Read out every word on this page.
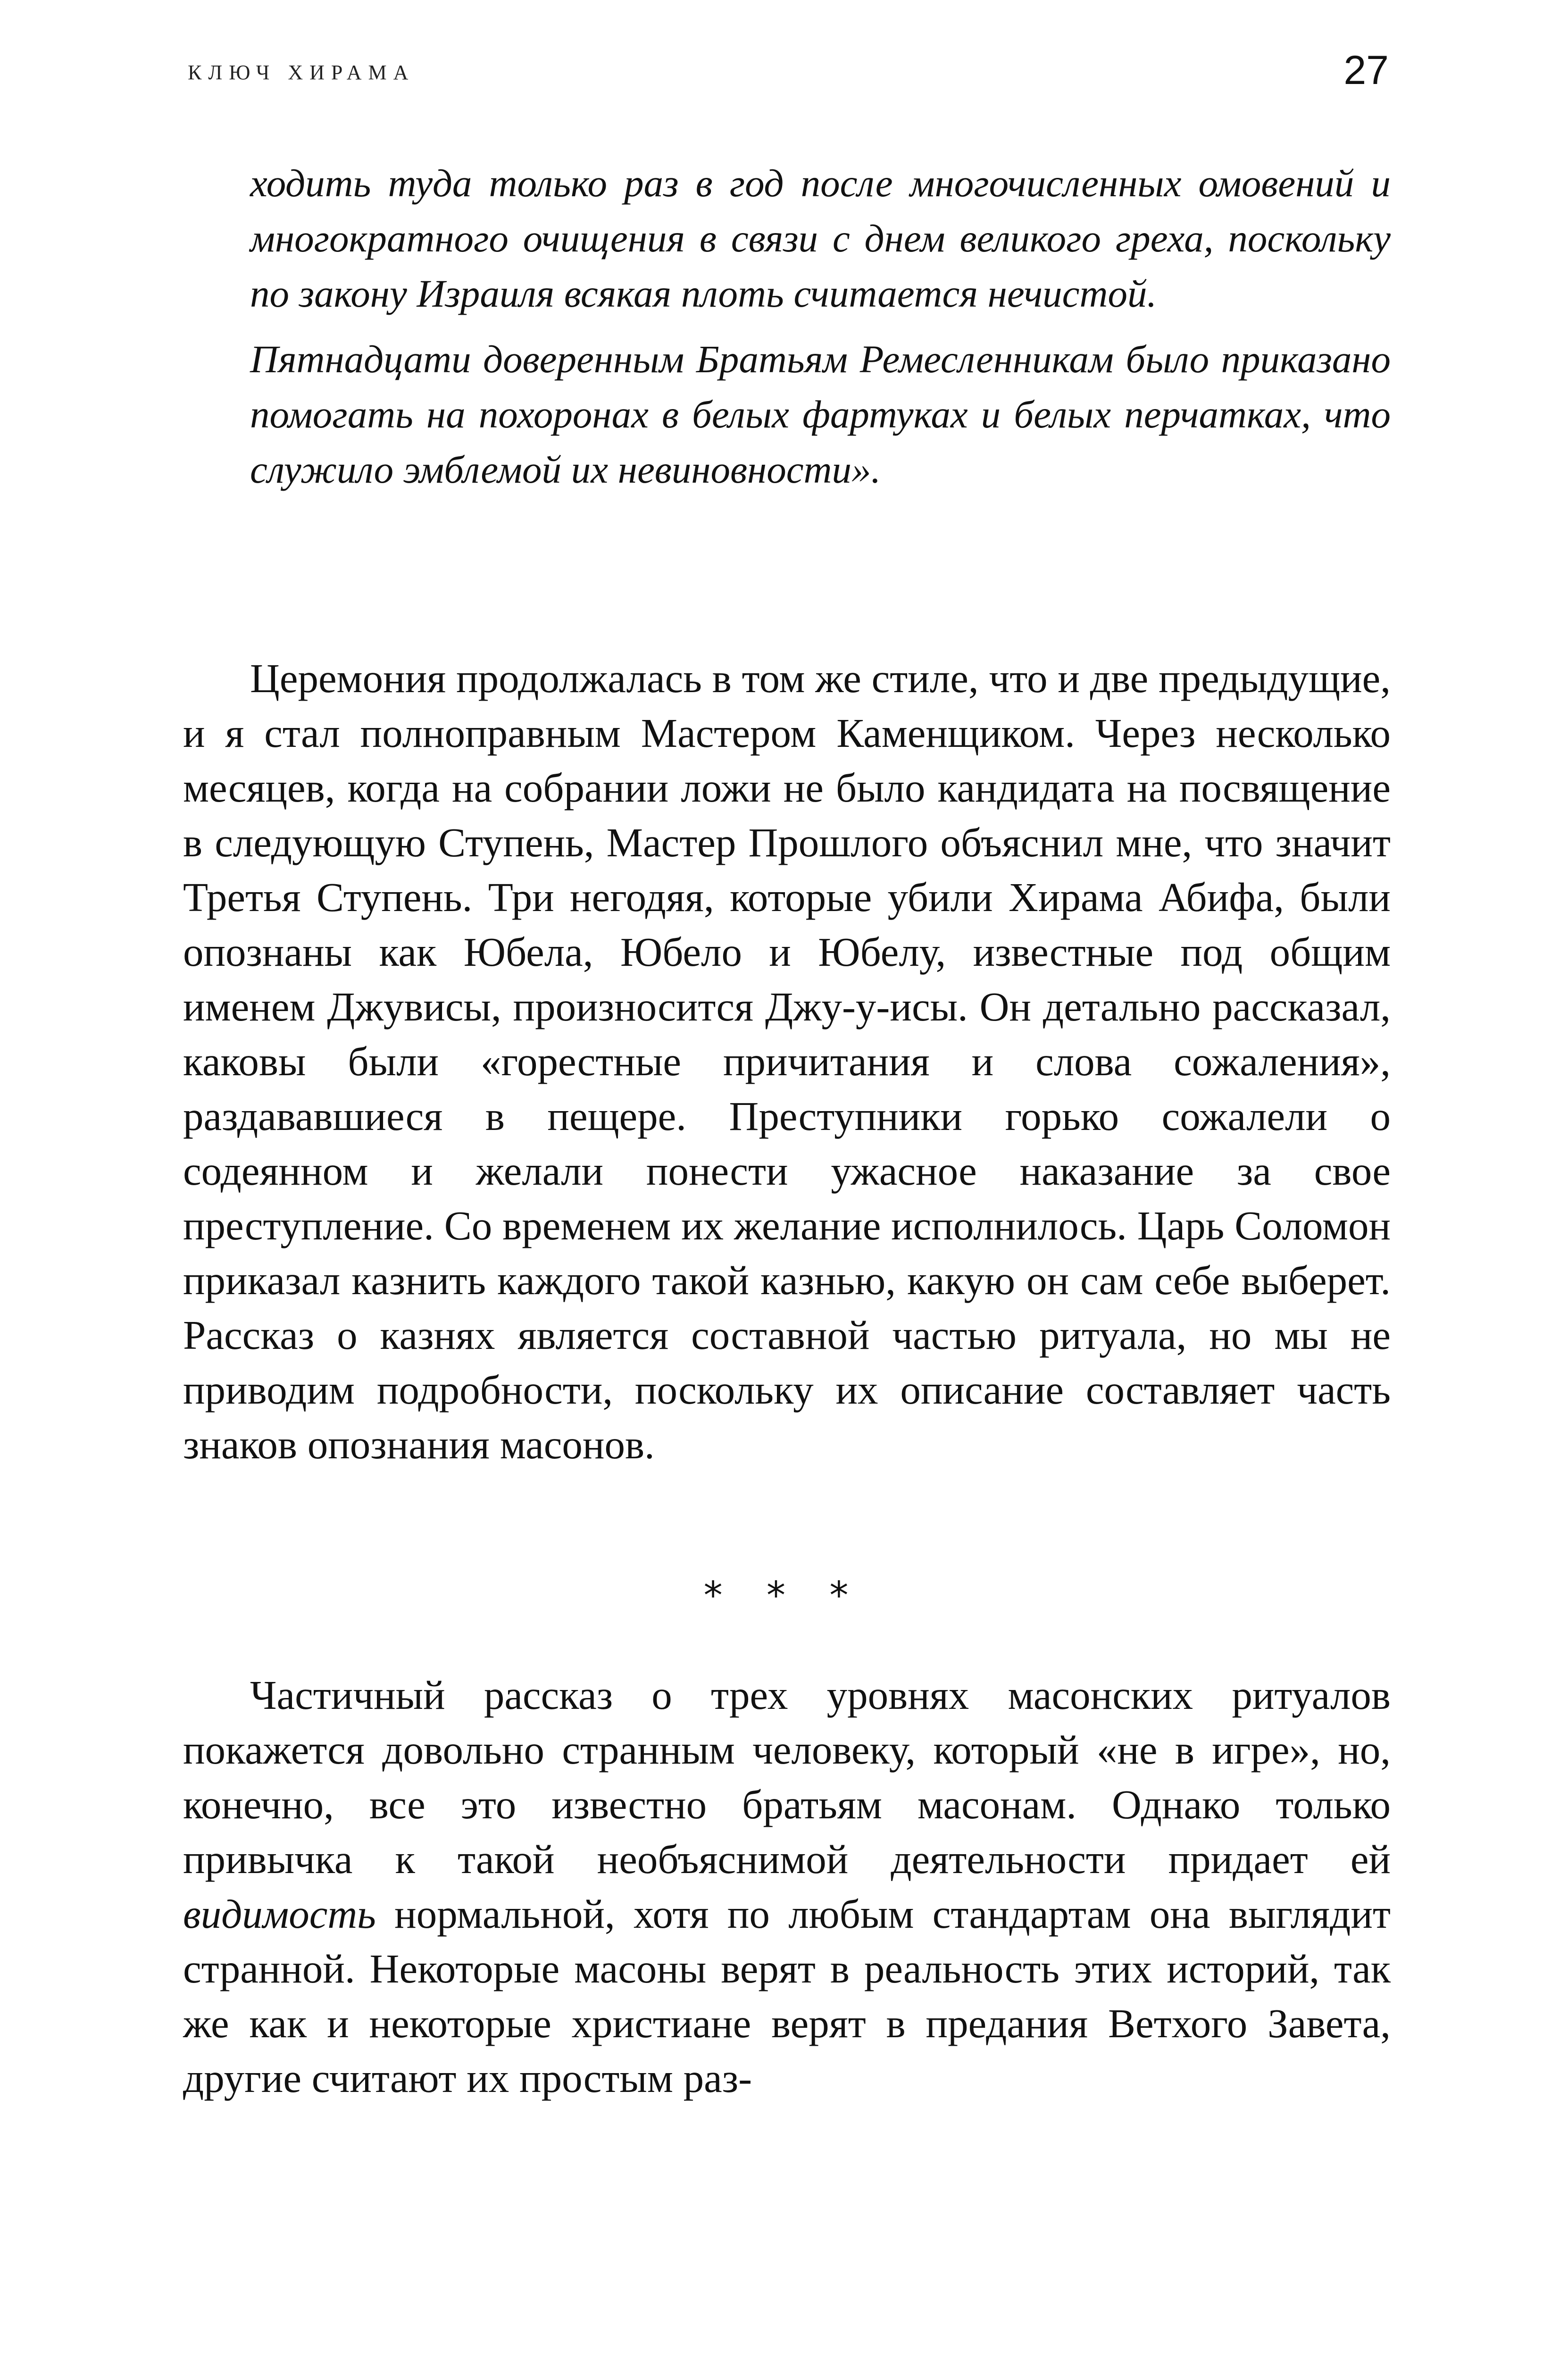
КЛЮЧ ХИРАМА	27

ходить туда только раз в год после многочисленных омовений и многократного очищения в связи с днем великого греха, поскольку по закону Израиля всякая плоть считается нечистой.

Пятнадцати доверенным Братьям Ремесленникам было приказано помогать на похоронах в белых фартуках и белых перчатках, что служило эмблемой их невиновности».

Церемония продолжалась в том же стиле, что и две предыдущие, и я стал полноправным Мастером Каменщиком. Через несколько месяцев, когда на собрании ложи не было кандидата на посвящение в следующую Ступень, Мастер Прошлого объяснил мне, что значит Третья Ступень. Три негодяя, которые убили Хирама Абифа, были опознаны как Юбела, Юбело и Юбелу, известные под общим именем Джувисы, произносится Джу-у-исы. Он детально рассказал, каковы были «горестные причитания и слова сожаления», раздававшиеся в пещере. Преступники горько сожалели о содеянном и желали понести ужасное наказание за свое преступление. Со временем их желание исполнилось. Царь Соломон приказал казнить каждого такой казнью, какую он сам себе выберет. Рассказ о казнях является составной частью ритуала, но мы не приводим подробности, поскольку их описание составляет часть знаков опознания масонов.

* * *

Частичный рассказ о трех уровнях масонских ритуалов покажется довольно странным человеку, который «не в игре», но, конечно, все это известно братьям масонам. Однако только привычка к такой необъяснимой деятельности придает ей видимость нормальной, хотя по любым стандартам она выглядит странной. Некоторые масоны верят в реальность этих историй, так же как и некоторые христиане верят в предания Ветхого Завета, другие считают их простым раз-
